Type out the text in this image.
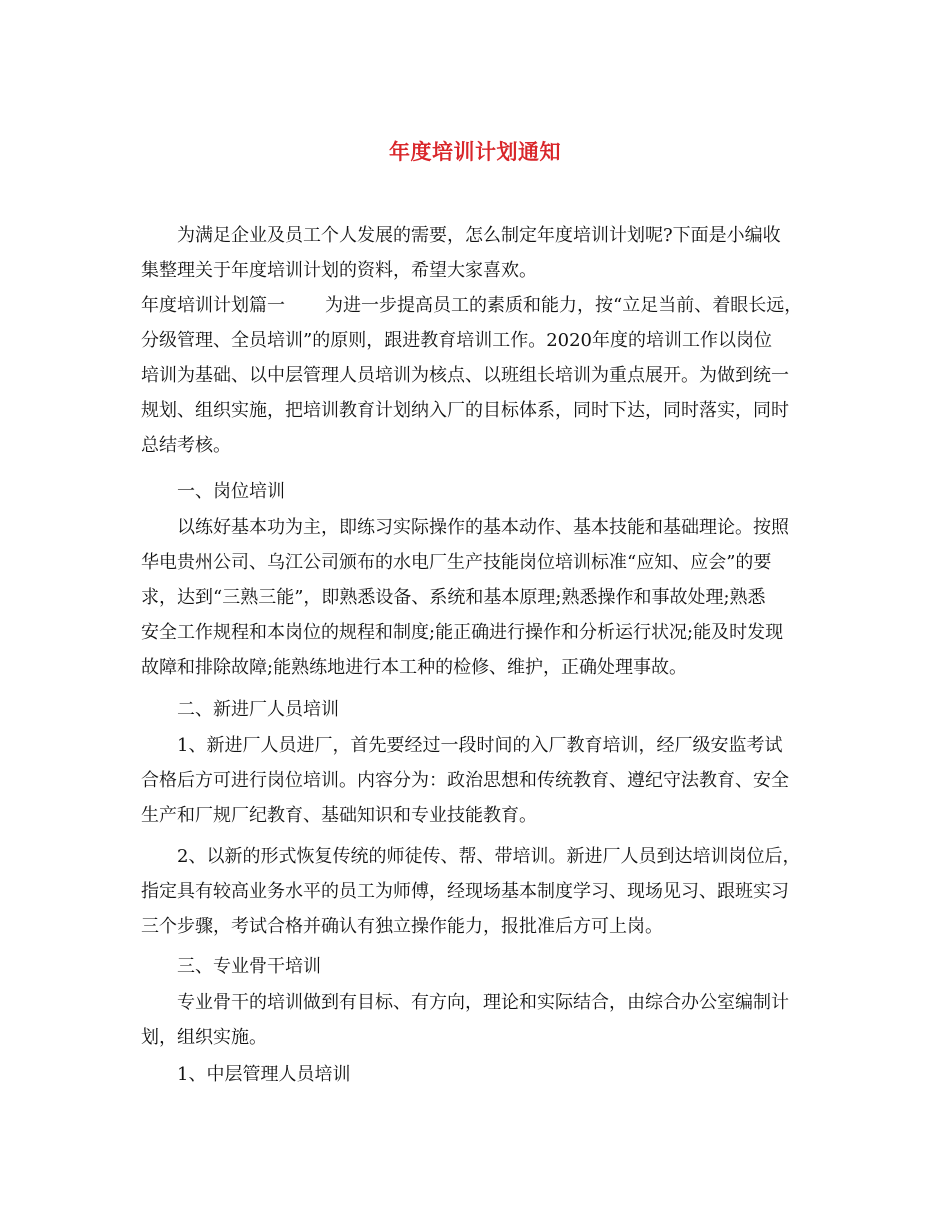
年度培训计划通知
为满足企业及员工个人发展的需要，怎么制定年度培训计划呢?下面是小编收
集整理关于年度培训计划的资料，希望大家喜欢。
年度培训计划篇一 为进一步提高员工的素质和能力，按“立足当前、着眼长远，
分级管理、全员培训”的原则，跟进教育培训工作。2020年度的培训工作以岗位
培训为基础、以中层管理人员培训为核点、以班组长培训为重点展开。为做到统一
规划、组织实施，把培训教育计划纳入厂的目标体系，同时下达，同时落实，同时
总结考核。
一、岗位培训
以练好基本功为主，即练习实际操作的基本动作、基本技能和基础理论。按照
华电贵州公司、乌江公司颁布的水电厂生产技能岗位培训标准“应知、应会”的要
求，达到“三熟三能”，即熟悉设备、系统和基本原理;熟悉操作和事故处理;熟悉
安全工作规程和本岗位的规程和制度;能正确进行操作和分析运行状况;能及时发现
故障和排除故障;能熟练地进行本工种的检修、维护，正确处理事故。
二、新进厂人员培训
1、新进厂人员进厂，首先要经过一段时间的入厂教育培训，经厂级安监考试
合格后方可进行岗位培训。内容分为：政治思想和传统教育、遵纪守法教育、安全
生产和厂规厂纪教育、基础知识和专业技能教育。
2、以新的形式恢复传统的师徒传、帮、带培训。新进厂人员到达培训岗位后，
指定具有较高业务水平的员工为师傅，经现场基本制度学习、现场见习、跟班实习
三个步骤，考试合格并确认有独立操作能力，报批准后方可上岗。
三、专业骨干培训
专业骨干的培训做到有目标、有方向，理论和实际结合，由综合办公室编制计
划，组织实施。
1、中层管理人员培训
